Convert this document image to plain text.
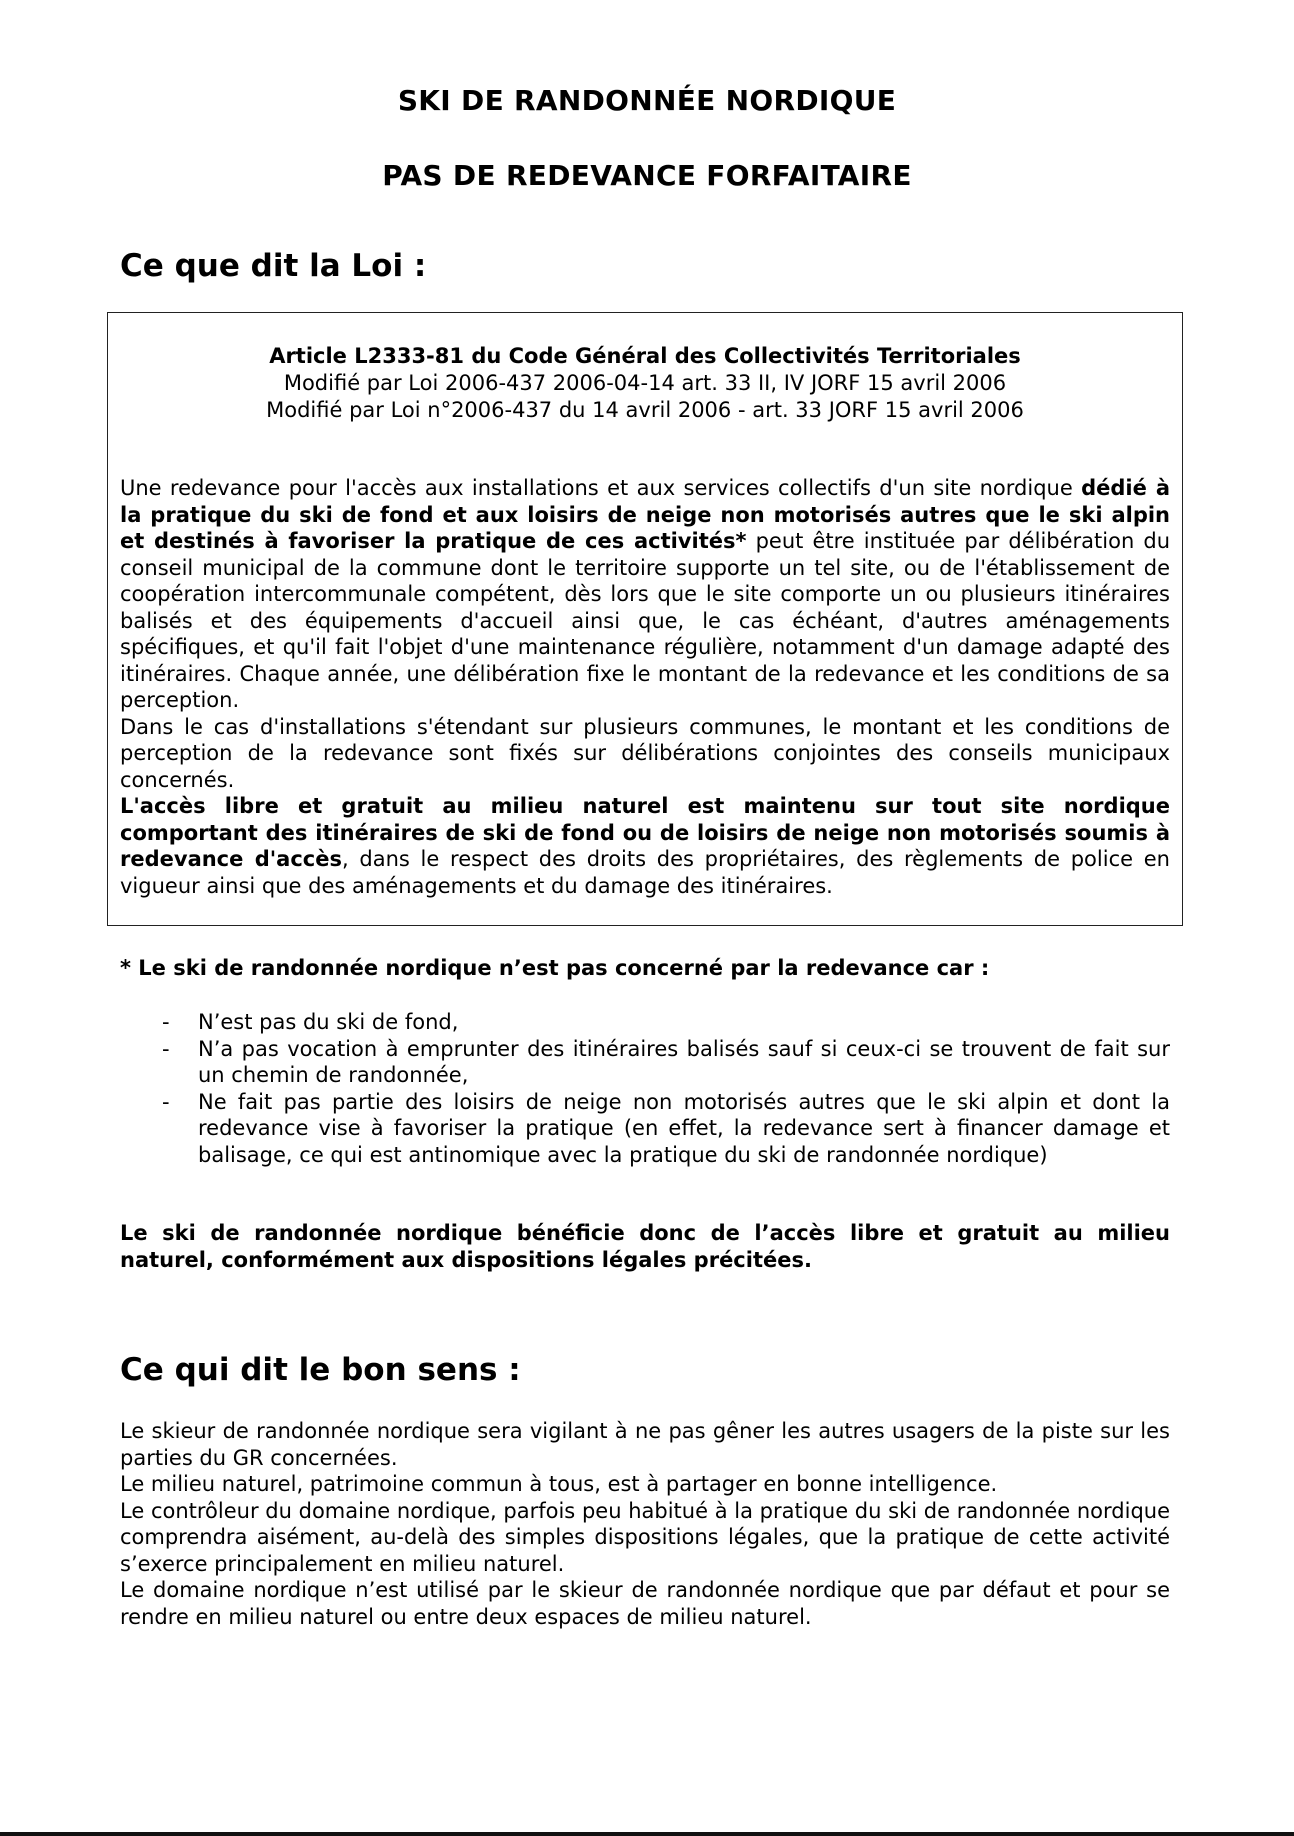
SKI DE RANDONNÉE NORDIQUE
PAS DE REDEVANCE FORFAITAIRE
Ce que dit la Loi :
Article L2333-81 du Code Général des Collectivités Territoriales
Modifié par Loi 2006-437 2006-04-14 art. 33 II, IV JORF 15 avril 2006
Modifié par Loi n°2006-437 du 14 avril 2006 - art. 33 JORF 15 avril 2006

Une redevance pour l'accès aux installations et aux services collectifs d'un site nordique dédié à la pratique du ski de fond et aux loisirs de neige non motorisés autres que le ski alpin et destinés à favoriser la pratique de ces activités* peut être instituée par délibération du conseil municipal de la commune dont le territoire supporte un tel site, ou de l'établissement de coopération intercommunale compétent, dès lors que le site comporte un ou plusieurs itinéraires balisés et des équipements d'accueil ainsi que, le cas échéant, d'autres aménagements spécifiques, et qu'il fait l'objet d'une maintenance régulière, notamment d'un damage adapté des itinéraires. Chaque année, une délibération fixe le montant de la redevance et les conditions de sa perception.

Dans le cas d'installations s'étendant sur plusieurs communes, le montant et les conditions de perception de la redevance sont fixés sur délibérations conjointes des conseils municipaux concernés.

L'accès libre et gratuit au milieu naturel est maintenu sur tout site nordique comportant des itinéraires de ski de fond ou de loisirs de neige non motorisés soumis à redevance d'accès, dans le respect des droits des propriétaires, des règlements de police en vigueur ainsi que des aménagements et du damage des itinéraires.

* Le ski de randonnée nordique n’est pas concerné par la redevance car :
- N’est pas du ski de fond,
- N’a pas vocation à emprunter des itinéraires balisés sauf si ceux-ci se trouvent de fait sur un chemin de randonnée,
- Ne fait pas partie des loisirs de neige non motorisés autres que le ski alpin et dont la redevance vise à favoriser la pratique (en effet, la redevance sert à financer damage et balisage, ce qui est antinomique avec la pratique du ski de randonnée nordique)
Le ski de randonnée nordique bénéficie donc de l’accès libre et gratuit au milieu naturel, conformément aux dispositions légales précitées.
Ce qui dit le bon sens :

Le skieur de randonnée nordique sera vigilant à ne pas gêner les autres usagers de la piste sur les parties du GR concernées.

Le milieu naturel, patrimoine commun à tous, est à partager en bonne intelligence.

Le contrôleur du domaine nordique, parfois peu habitué à la pratique du ski de randonnée nordique comprendra aisément, au-delà des simples dispositions légales, que la pratique de cette activité s’exerce principalement en milieu naturel.

Le domaine nordique n’est utilisé par le skieur de randonnée nordique que par défaut et pour se rendre en milieu naturel ou entre deux espaces de milieu naturel.
